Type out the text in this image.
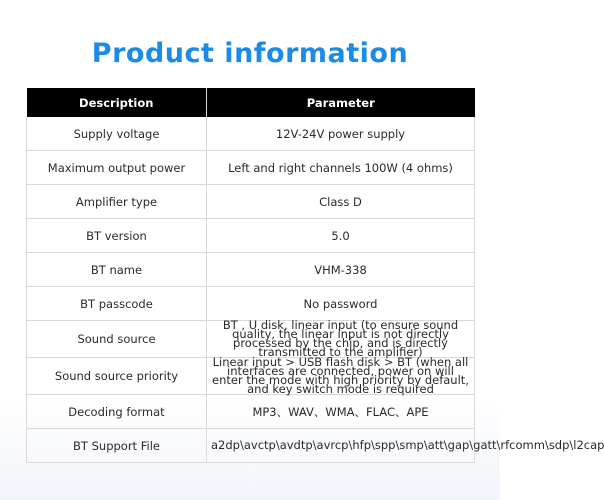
Product information
Description	Parameter
Supply voltage	12V-24V power supply
Maximum output power	Left and right channels 100W (4 ohms)
Amplifier type	Class D
BT version	5.0
BT name	VHM-338
BT passcode	No password
Sound source	BT , U disk, linear input (to ensure sound quality, the linear input is not directly processed by the chip, and is directly transmitted to the amplifier)
Sound source priority	Linear input > USB flash disk > BT (when all interfaces are connected, power on will enter the mode with high priority by default, and key switch mode is required
Decoding format	MP3、WAV、WMA、FLAC、APE
BT Support File	a2dp\avctp\avdtp\avrcp\hfp\spp\smp\att\gap\gatt\rfcomm\sdp\l2cap
